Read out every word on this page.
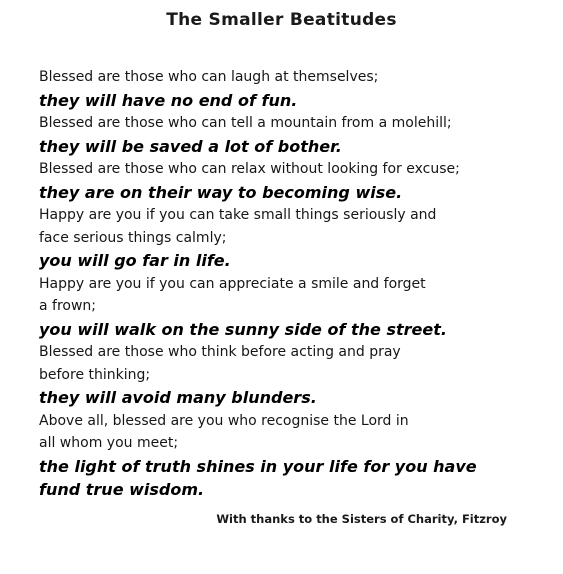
The Smaller Beatitudes
Blessed are those who can laugh at themselves;
they will have no end of fun.
Blessed are those who can tell a mountain from a molehill;
they will be saved a lot of bother.
Blessed are those who can relax without looking for excuse;
they are on their way to becoming wise.
Happy are you if you can take small things seriously and
face serious things calmly;
you will go far in life.
Happy are you if you can appreciate a smile and forget
a frown;
you will walk on the sunny side of the street.
Blessed are those who think before acting and pray
before thinking;
they will avoid many blunders.
Above all, blessed are you who recognise the Lord in
all whom you meet;
the light of truth shines in your life for you have
fund true wisdom.
With thanks to the Sisters of Charity, Fitzroy
